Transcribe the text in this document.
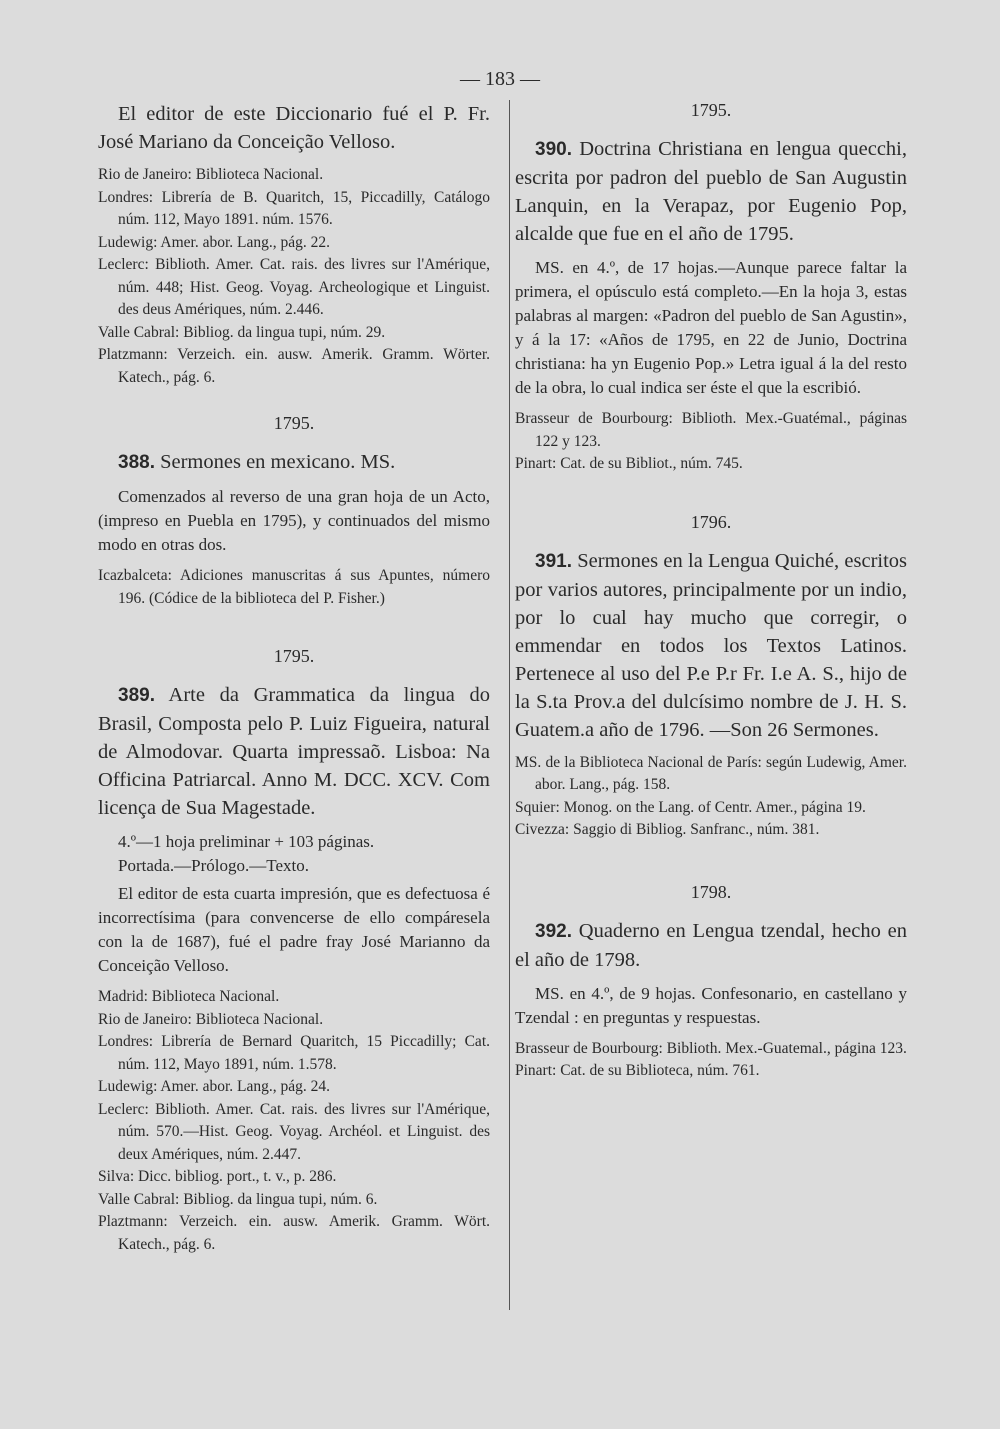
— 183 —

El editor de este Diccionario fué el P. Fr. José Mariano da Conceição Velloso.

Rio de Janeiro: Biblioteca Nacional.

Londres: Librería de B. Quaritch, 15, Piccadilly, Catálogo núm. 112, Mayo 1891. núm. 1576.

Ludewig: Amer. abor. Lang., pág. 22.

Leclerc: Biblioth. Amer. Cat. rais. des livres sur l'Amérique, núm. 448; Hist. Geog. Voyag. Archeologique et Linguist. des deus Amériques, núm. 2.446.

Valle Cabral: Bibliog. da lingua tupi, núm. 29.

Platzmann: Verzeich. ein. ausw. Amerik. Gramm. Wörter. Katech., pág. 6.

1795.

388. Sermones en mexicano. MS.

Comenzados al reverso de una gran hoja de un Acto, (impreso en Puebla en 1795), y continuados del mismo modo en otras dos.

Icazbalceta: Adiciones manuscritas á sus Apuntes, número 196. (Códice de la biblioteca del P. Fisher.)

1795.

389. Arte da Grammatica da lingua do Brasil, Composta pelo P. Luiz Figueira, natural de Almodovar. Quarta impressaõ. Lisboa: Na Officina Patriarcal. Anno M. DCC. XCV. Com licença de Sua Magestade.

4.º—1 hoja preliminar + 103 páginas.

Portada.—Prólogo.—Texto.

El editor de esta cuarta impresión, que es defectuosa é incorrectísima (para convencerse de ello compáresela con la de 1687), fué el padre fray José Marianno da Conceição Velloso.

Madrid: Biblioteca Nacional.

Rio de Janeiro: Biblioteca Nacional.

Londres: Librería de Bernard Quaritch, 15 Piccadilly; Cat. núm. 112, Mayo 1891, núm. 1.578.

Ludewig: Amer. abor. Lang., pág. 24.

Leclerc: Biblioth. Amer. Cat. rais. des livres sur l'Amérique, núm. 570.—Hist. Geog. Voyag. Archéol. et Linguist. des deux Amériques, núm. 2.447.

Silva: Dicc. bibliog. port., t. v., p. 286.

Valle Cabral: Bibliog. da lingua tupi, núm. 6.

Plaztmann: Verzeich. ein. ausw. Amerik. Gramm. Wört. Katech., pág. 6.

1795.

390. Doctrina Christiana en lengua quecchi, escrita por padron del pueblo de San Augustin Lanquin, en la Verapaz, por Eugenio Pop, alcalde que fue en el año de 1795.

MS. en 4.º, de 17 hojas.—Aunque parece faltar la primera, el opúsculo está completo.—En la hoja 3, estas palabras al margen: «Padron del pueblo de San Agustin», y á la 17: «Años de 1795, en 22 de Junio, Doctrina christiana: ha yn Eugenio Pop.» Letra igual á la del resto de la obra, lo cual indica ser éste el que la escribió.

Brasseur de Bourbourg: Biblioth. Mex.-Guatémal., páginas 122 y 123.

Pinart: Cat. de su Bibliot., núm. 745.

1796.

391. Sermones en la Lengua Quiché, escritos por varios autores, principalmente por un indio, por lo cual hay mucho que corregir, o emmendar en todos los Textos Latinos. Pertenece al uso del P.e P.r Fr. I.e A. S., hijo de la S.ta Prov.a del dulcísimo nombre de J. H. S. Guatem.a año de 1796. —Son 26 Sermones.

MS. de la Biblioteca Nacional de París: según Ludewig, Amer. abor. Lang., pág. 158.

Squier: Monog. on the Lang. of Centr. Amer., página 19.

Civezza: Saggio di Bibliog. Sanfranc., núm. 381.

1798.

392. Quaderno en Lengua tzendal, hecho en el año de 1798.

MS. en 4.º, de 9 hojas. Confesonario, en castellano y Tzendal : en preguntas y respuestas.

Brasseur de Bourbourg: Biblioth. Mex.-Guatemal., página 123.

Pinart: Cat. de su Biblioteca, núm. 761.
